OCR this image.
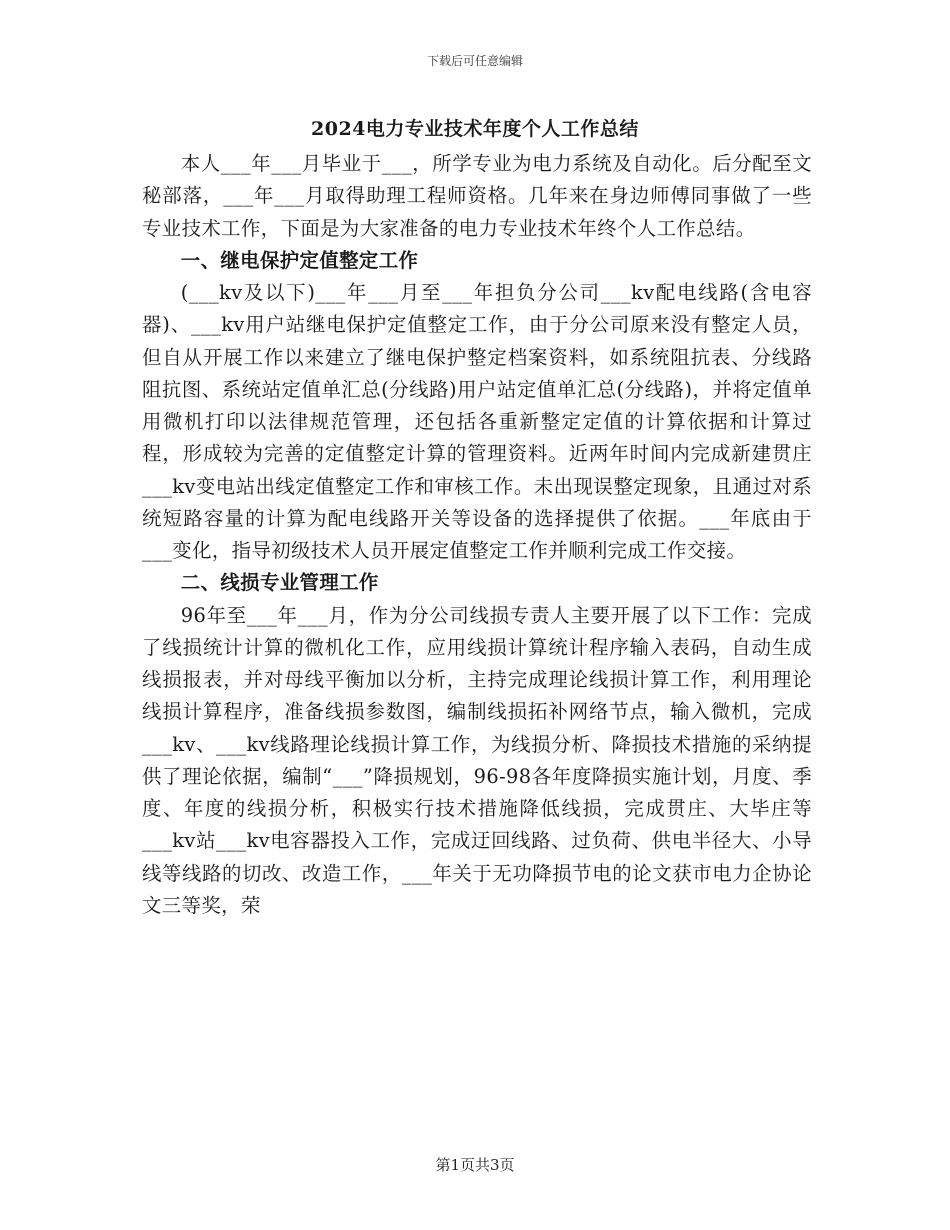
下载后可任意编辑
2024电力专业技术年度个人工作总结

本人___年___月毕业于___，所学专业为电力系统及自动化。后分配至文秘部落，___年___月取得助理工程师资格。几年来在身边师傅同事做了一些专业技术工作，下面是为大家准备的电力专业技术年终个人工作总结。

一、继电保护定值整定工作

(___kv及以下)___年___月至___年担负分公司___kv配电线路(含电容器)、___kv用户站继电保护定值整定工作，由于分公司原来没有整定人员，但自从开展工作以来建立了继电保护整定档案资料，如系统阻抗表、分线路阻抗图、系统站定值单汇总(分线路)用户站定值单汇总(分线路)，并将定值单用微机打印以法律规范管理，还包括各重新整定定值的计算依据和计算过程，形成较为完善的定值整定计算的管理资料。近两年时间内完成新建贯庄___kv变电站出线定值整定工作和审核工作。未出现误整定现象，且通过对系统短路容量的计算为配电线路开关等设备的选择提供了依据。___年底由于___变化，指导初级技术人员开展定值整定工作并顺利完成工作交接。

二、线损专业管理工作

96年至___年___月，作为分公司线损专责人主要开展了以下工作：完成了线损统计计算的微机化工作，应用线损计算统计程序输入表码，自动生成线损报表，并对母线平衡加以分析，主持完成理论线损计算工作，利用理论线损计算程序，准备线损参数图，编制线损拓补网络节点，输入微机，完成___kv、___kv线路理论线损计算工作，为线损分析、降损技术措施的采纳提供了理论依据，编制“___”降损规划，96-98各年度降损实施计划，月度、季度、年度的线损分析，积极实行技术措施降低线损，完成贯庄、大毕庄等___kv站___kv电容器投入工作，完成迂回线路、过负荷、供电半径大、小导线等线路的切改、改造工作，___年关于无功降损节电的论文获市电力企协论文三等奖，荣

第1页共3页
